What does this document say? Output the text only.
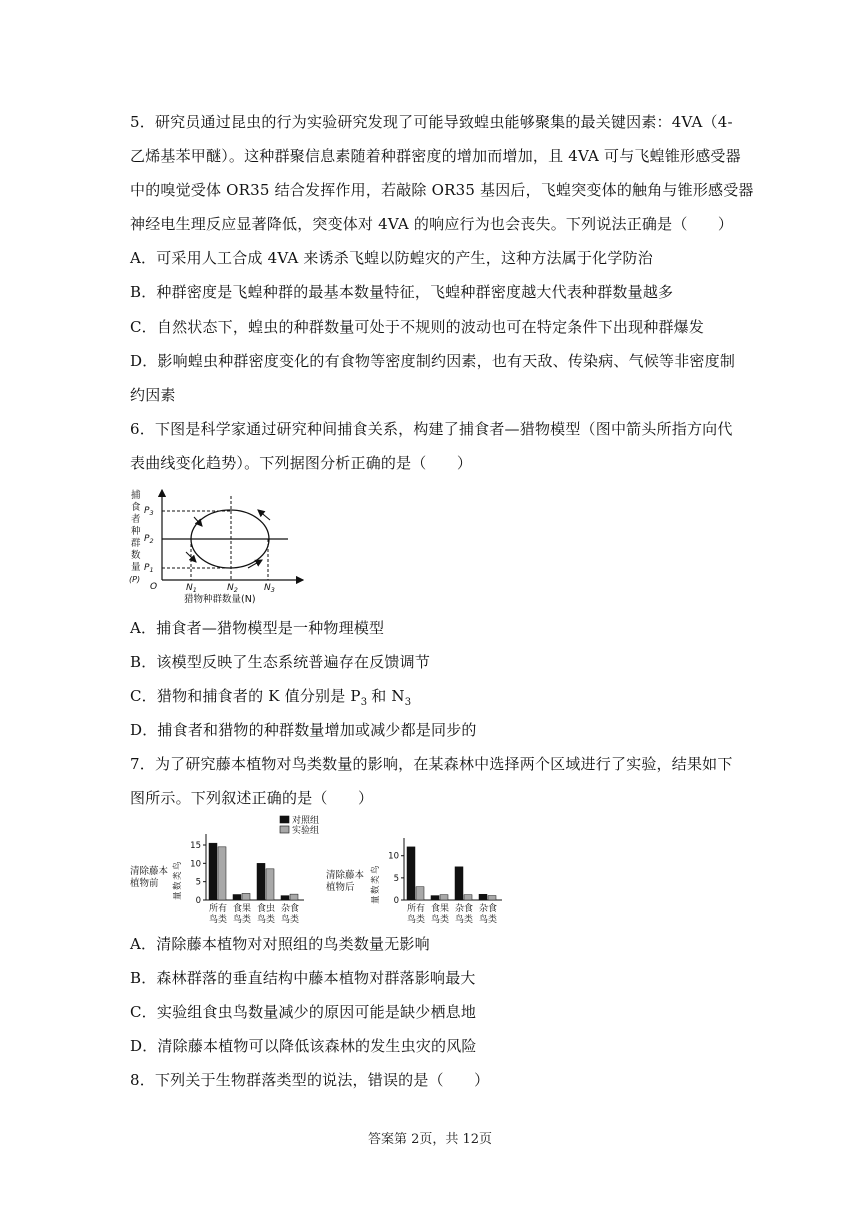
5．研究员通过昆虫的行为实验研究发现了可能导致蝗虫能够聚集的最关键因素：4VA（4-
乙烯基苯甲醚）。这种群聚信息素随着种群密度的增加而增加，且 4VA 可与飞蝗锥形感受器
中的嗅觉受体 OR35 结合发挥作用，若敲除 OR35 基因后，飞蝗突变体的触角与锥形感受器
神经电生理反应显著降低，突变体对 4VA 的响应行为也会丧失。下列说法正确是（　　）
A．可采用人工合成 4VA 来诱杀飞蝗以防蝗灾的产生，这种方法属于化学防治
B．种群密度是飞蝗种群的最基本数量特征，飞蝗种群密度越大代表种群数量越多
C．自然状态下，蝗虫的种群数量可处于不规则的波动也可在特定条件下出现种群爆发
D．影响蝗虫种群密度变化的有食物等密度制约因素，也有天敌、传染病、气候等非密度制
约因素
6．下图是科学家通过研究种间捕食关系，构建了捕食者—猎物模型（图中箭头所指方向代
表曲线变化趋势）。下列据图分析正确的是（　　）
捕
食
者
种
群
数
量
(P)
O
$P_3$
$P_2$
$P_1$
$N_1$	$N_2$	$N_3$
猎物种群数量(N)
A．捕食者—猎物模型是一种物理模型
B．该模型反映了生态系统普遍存在反馈调节
C．猎物和捕食者的 K 值分别是 $P_3$ 和 $N_3$
D．捕食者和猎物的种群数量增加或减少都是同步的
7．为了研究藤本植物对鸟类数量的影响，在某森林中选择两个区域进行了实验，结果如下
图所示。下列叙述正确的是（　　）
对照组
实验组
清除藤本
植物前
鸟
类
数
量
15
10
5
0
所有
鸟类
食果
鸟类
食虫
鸟类
杂食
鸟类
清除藤本
植物后
鸟
类
数
量
10
5
0
所有
鸟类
食果
鸟类
杂食
鸟类
杂食
鸟类
A．清除藤本植物对对照组的鸟类数量无影响
B．森林群落的垂直结构中藤本植物对群落影响最大
C．实验组食虫鸟数量减少的原因可能是缺少栖息地
D．清除藤本植物可以降低该森林的发生虫灾的风险
8．下列关于生物群落类型的说法，错误的是（　　）
答案第 2页，共 12页
